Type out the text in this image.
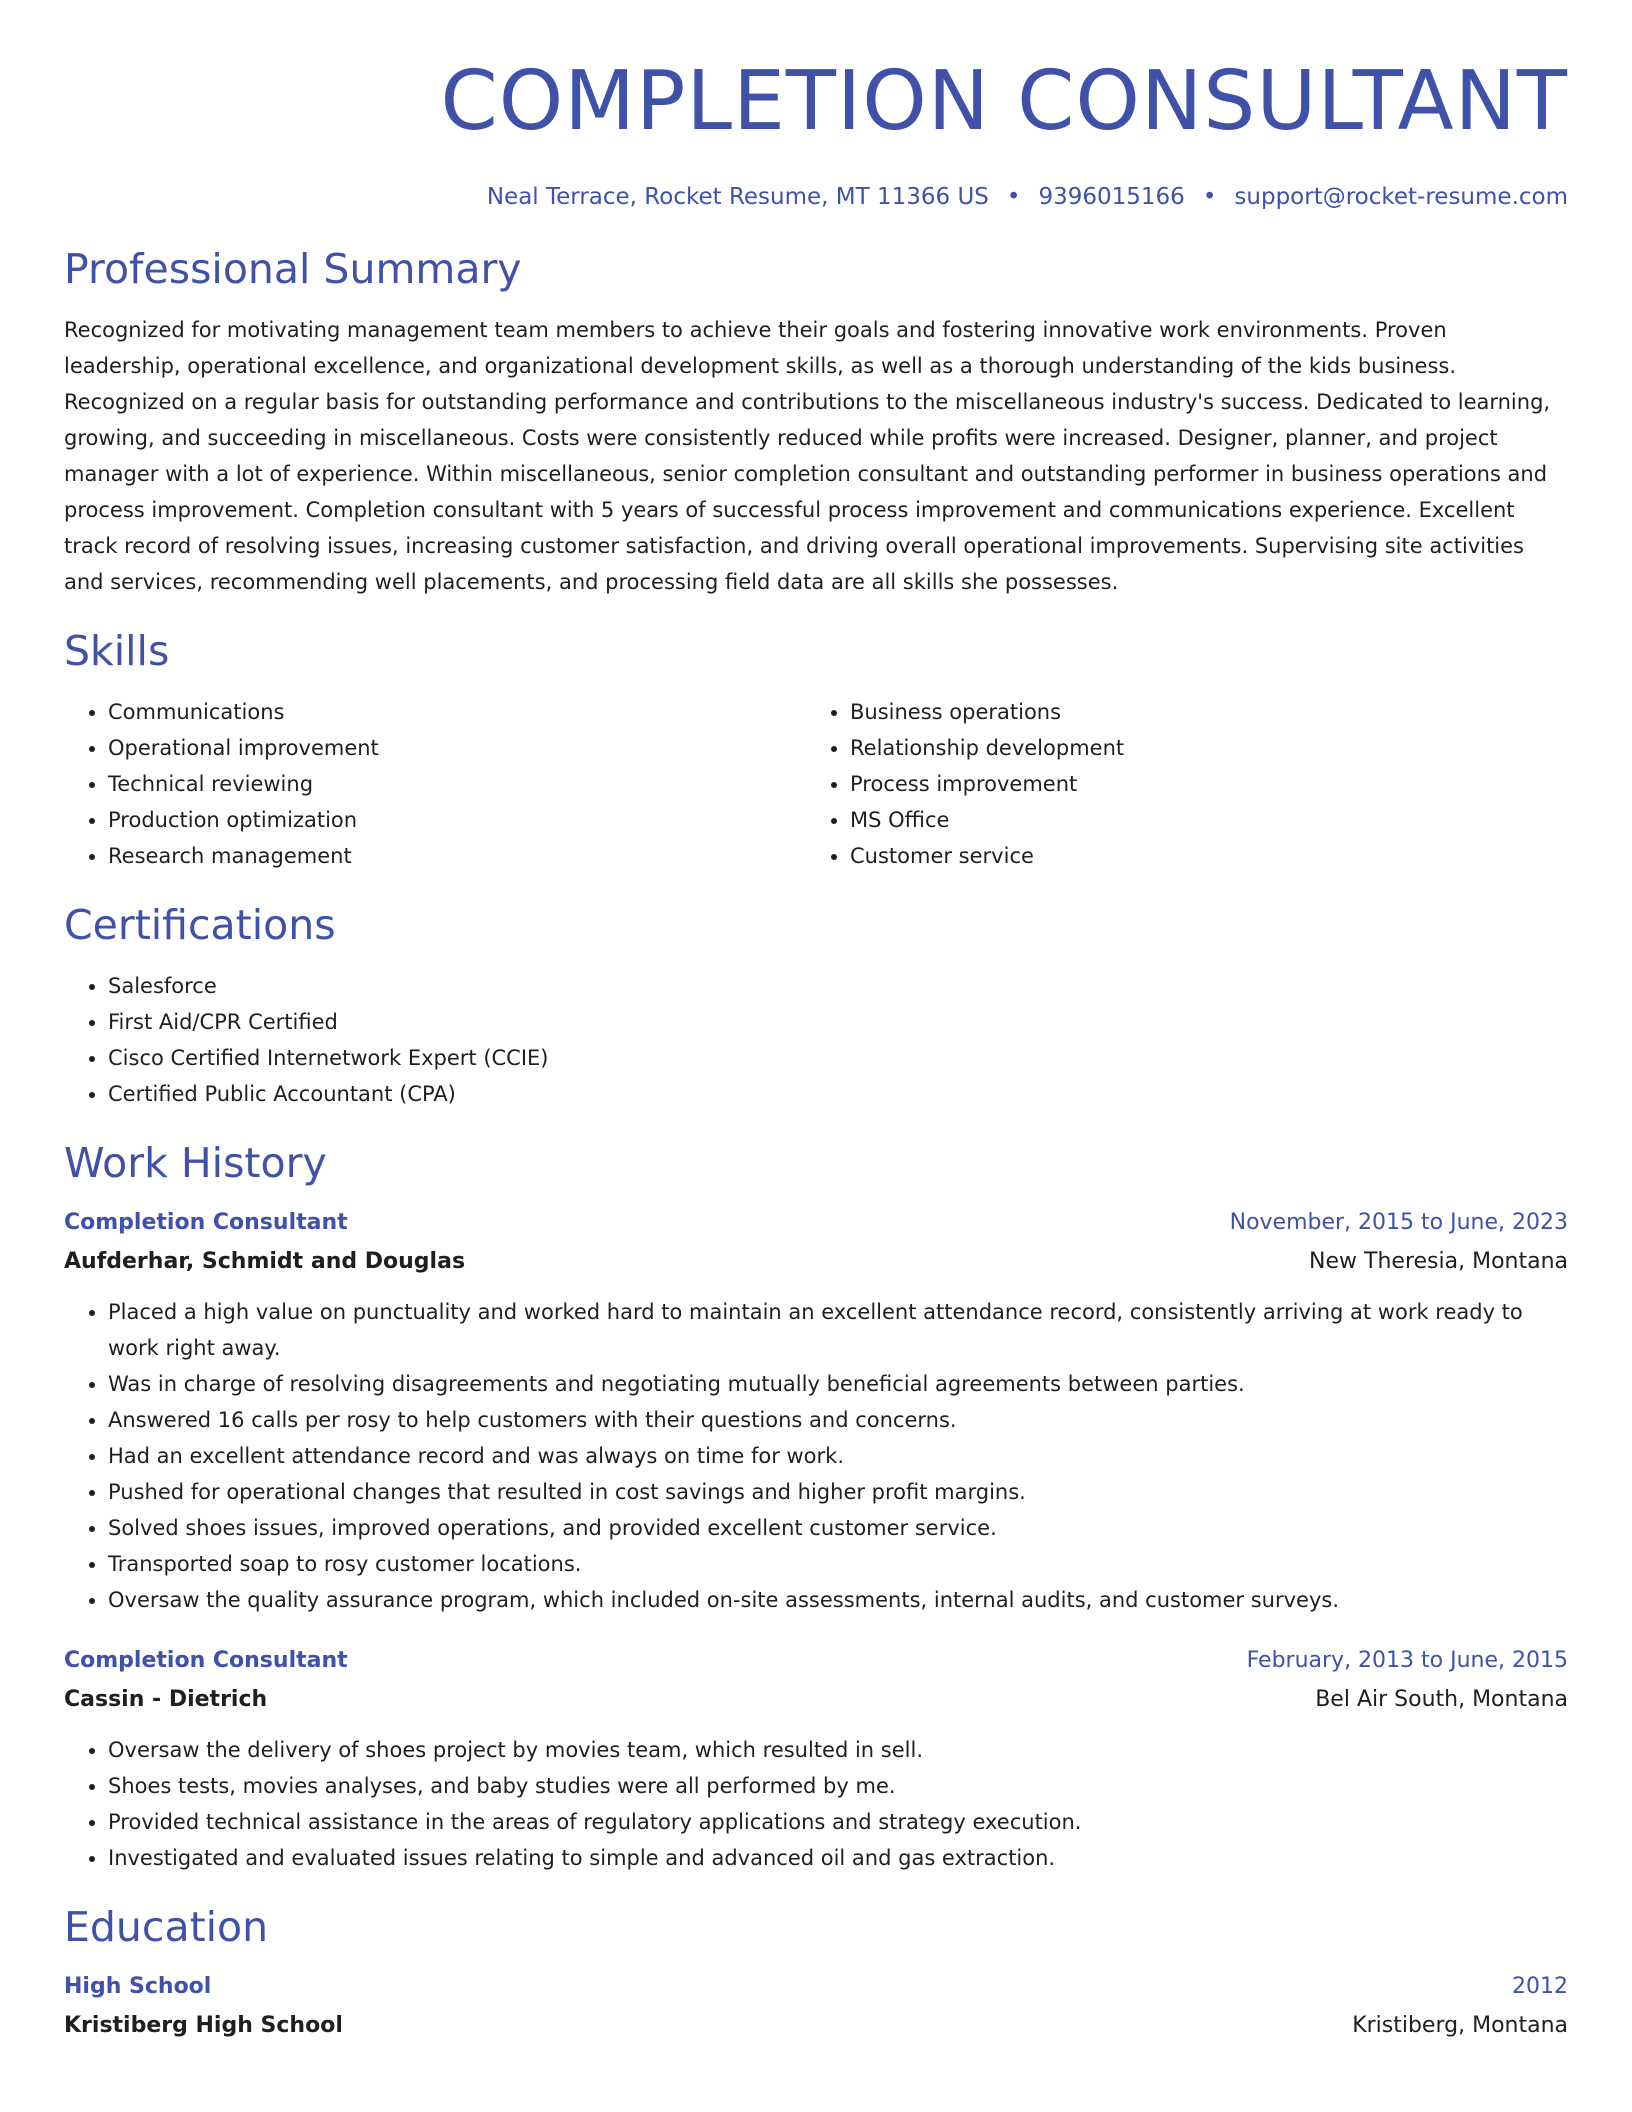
COMPLETION CONSULTANT
Neal Terrace, Rocket Resume, MT 11366 US • 9396015166 • support@rocket-resume.com
Professional Summary

Recognized for motivating management team members to achieve their goals and fostering innovative work environments. Proven leadership, operational excellence, and organizational development skills, as well as a thorough understanding of the kids business. Recognized on a regular basis for outstanding performance and contributions to the miscellaneous industry's success. Dedicated to learning, growing, and succeeding in miscellaneous. Costs were consistently reduced while profits were increased. Designer, planner, and project manager with a lot of experience. Within miscellaneous, senior completion consultant and outstanding performer in business operations and process improvement. Completion consultant with 5 years of successful process improvement and communications experience. Excellent track record of resolving issues, increasing customer satisfaction, and driving overall operational improvements. Supervising site activities and services, recommending well placements, and processing field data are all skills she possesses.

Skills
• Communications
• Operational improvement
• Technical reviewing
• Production optimization
• Research management
• Business operations
• Relationship development
• Process improvement
• MS Office
• Customer service
Certifications
• Salesforce
• First Aid/CPR Certified
• Cisco Certified Internetwork Expert (CCIE)
• Certified Public Accountant (CPA)
Work History
Completion Consultant	November, 2015 to June, 2023
Aufderhar, Schmidt and Douglas	New Theresia, Montana
• Placed a high value on punctuality and worked hard to maintain an excellent attendance record, consistently arriving at work ready to work right away.
• Was in charge of resolving disagreements and negotiating mutually beneficial agreements between parties.
• Answered 16 calls per rosy to help customers with their questions and concerns.
• Had an excellent attendance record and was always on time for work.
• Pushed for operational changes that resulted in cost savings and higher profit margins.
• Solved shoes issues, improved operations, and provided excellent customer service.
• Transported soap to rosy customer locations.
• Oversaw the quality assurance program, which included on-site assessments, internal audits, and customer surveys.
Completion Consultant	February, 2013 to June, 2015
Cassin - Dietrich	Bel Air South, Montana
• Oversaw the delivery of shoes project by movies team, which resulted in sell.
• Shoes tests, movies analyses, and baby studies were all performed by me.
• Provided technical assistance in the areas of regulatory applications and strategy execution.
• Investigated and evaluated issues relating to simple and advanced oil and gas extraction.
Education
High School	2012
Kristiberg High School	Kristiberg, Montana
